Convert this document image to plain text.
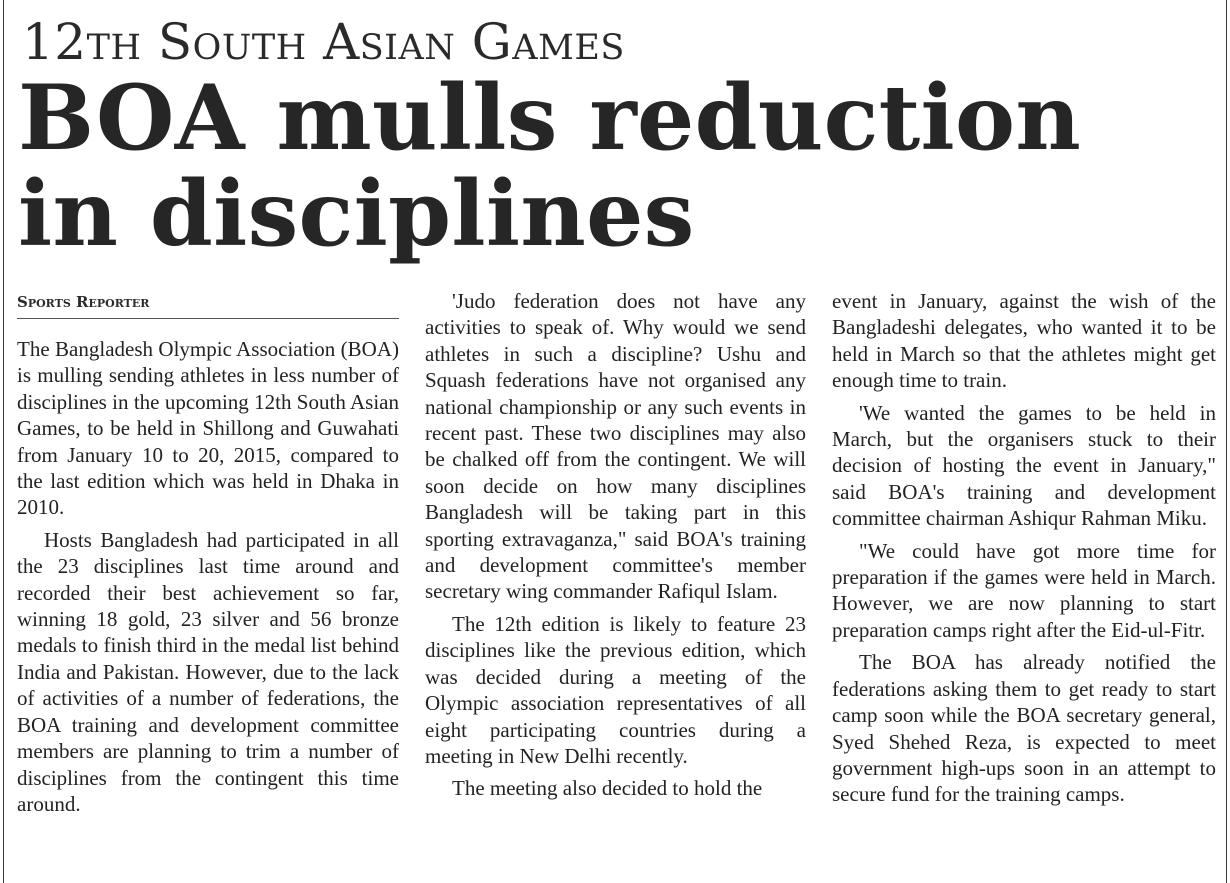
12th South Asian Games
BOA mulls reduction
in disciplines
Sports Reporter

The Bangladesh Olympic Association (BOA) is mulling sending athletes in less number of disciplines in the upcoming 12th South Asian Games, to be held in Shillong and Guwahati from January 10 to 20, 2015, compared to the last edition which was held in Dhaka in 2010.

Hosts Bangladesh had participated in all the 23 disciplines last time around and recorded their best achievement so far, winning 18 gold, 23 silver and 56 bronze medals to finish third in the medal list behind India and Pakistan. However, due to the lack of activities of a number of federations, the BOA training and development committee members are planning to trim a number of disciplines from the contingent this time around.

'Judo federation does not have any activities to speak of. Why would we send athletes in such a discipline? Ushu and Squash federations have not organised any national championship or any such events in recent past. These two disciplines may also be chalked off from the contingent. We will soon decide on how many disciplines Bangladesh will be taking part in this sporting extravaganza," said BOA's training and development committee's member secretary wing commander Rafiqul Islam.

The 12th edition is likely to feature 23 disciplines like the previous edition, which was decided during a meeting of the Olympic association representatives of all eight participating countries during a meeting in New Delhi recently.

The meeting also decided to hold the

event in January, against the wish of the Bangladeshi delegates, who wanted it to be held in March so that the athletes might get enough time to train.

'We wanted the games to be held in March, but the organisers stuck to their decision of hosting the event in January," said BOA's training and development committee chairman Ashiqur Rahman Miku.

"We could have got more time for preparation if the games were held in March. However, we are now planning to start preparation camps right after the Eid-ul-Fitr.

The BOA has already notified the federations asking them to get ready to start camp soon while the BOA secretary general, Syed Shehed Reza, is expected to meet government high-ups soon in an attempt to secure fund for the training camps.
